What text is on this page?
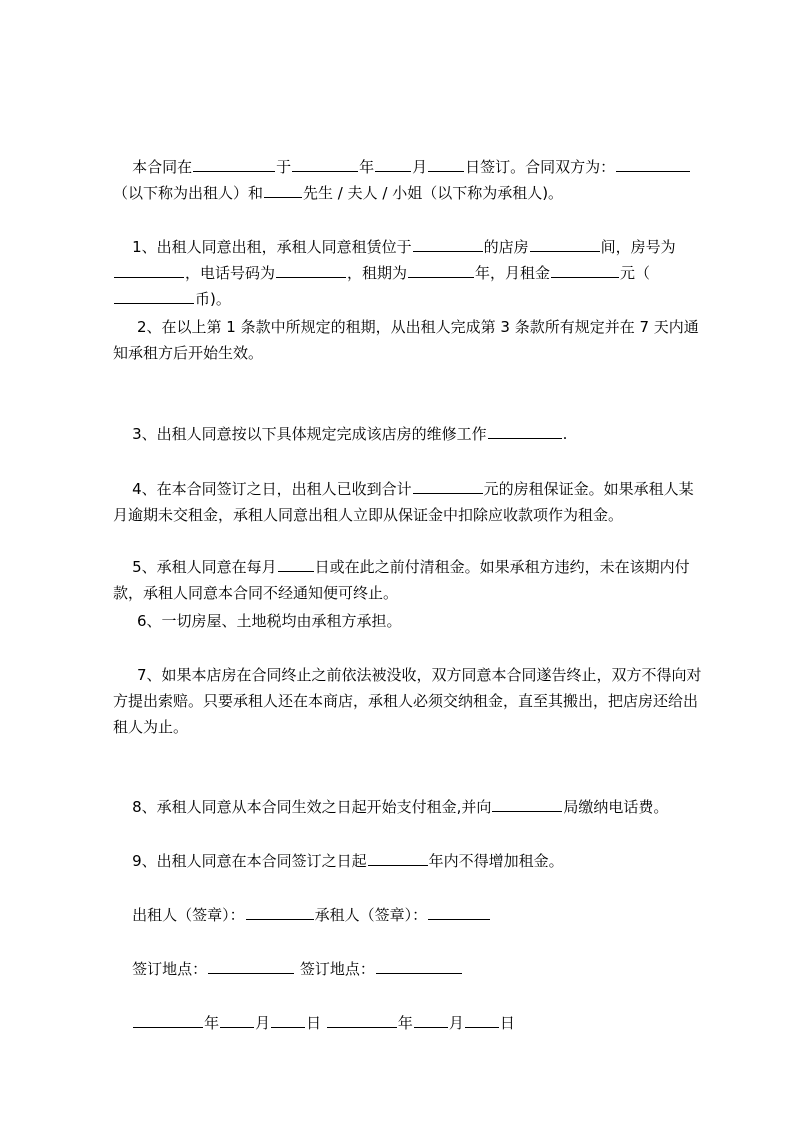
本合同在	于	年	月	日签订。合同双方为：（以下称为出租人）和	先生 / 夫人 / 小姐（以下称为承租人)。

1、出租人同意出租，承租人同意租赁位于	的店房	间，房号为，电话号码为	，租期为	年，月租金	元（币)。

2、在以上第 1 条款中所规定的租期，从出租人完成第 3 条款所有规定并在 7 天内通知承租方后开始生效。

3、出租人同意按以下具体规定完成该店房的维修工作	.

4、在本合同签订之日，出租人已收到合计	元的房租保证金。如果承租人某月逾期未交租金，承租人同意出租人立即从保证金中扣除应收款项作为租金。

5、承租人同意在每月	日或在此之前付清租金。如果承租方违约，未在该期内付款，承租人同意本合同不经通知便可终止。

6、一切房屋、土地税均由承租方承担。

7、如果本店房在合同终止之前依法被没收，双方同意本合同遂告终止，双方不得向对方提出索赔。只要承租人还在本商店，承租人必须交纳租金，直至其搬出，把店房还给出租人为止。

8、承租人同意从本合同生效之日起开始支付租金,并向	局缴纳电话费。

9、出租人同意在本合同签订之日起	年内不得增加租金。

出租人（签章）：	承租人（签章）：

签订地点：	签订地点：

年 月 日	年 月 日
